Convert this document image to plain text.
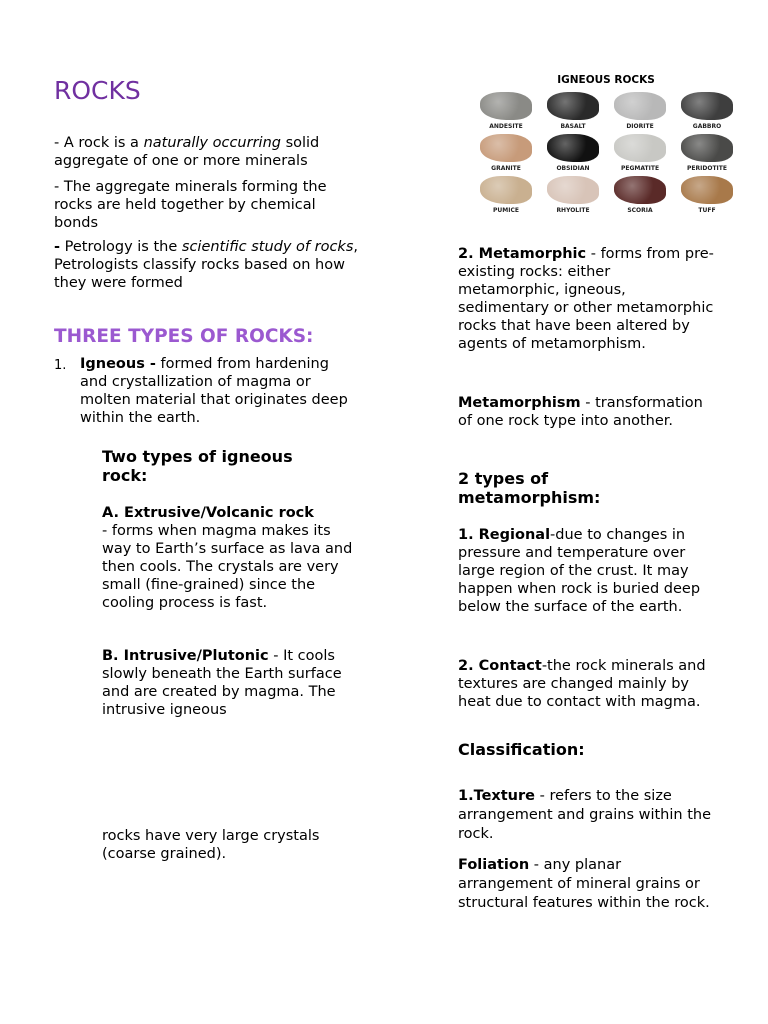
ROCKS

- A rock is a naturally occurring solid aggregate of one or more minerals

- The aggregate minerals forming the rocks are held together by chemical bonds

- Petrology is the scientific study of rocks, Petrologists classify rocks based on how they were formed

THREE TYPES OF ROCKS:
1. Igneous - formed from hardening and crystallization of magma or molten material that originates deep within the earth.

Two types of igneous rock:

A. Extrusive/Volcanic rock
- forms when magma makes its way to Earth’s surface as lava and then cools. The crystals are very small (fine-grained) since the cooling process is fast.

B. Intrusive/Plutonic - It cools slowly beneath the Earth surface and are created by magma. The intrusive igneous

rocks have very large crystals (coarse grained).

IGNEOUS ROCKS
ANDESITE	BASALT	DIORITE	GABBRO
GRANITE	OBSIDIAN	PEGMATITE	PERIDOTITE
PUMICE	RHYOLITE	SCORIA	TUFF

2. Metamorphic - forms from pre-existing rocks: either metamorphic, igneous, sedimentary or other metamorphic rocks that have been altered by agents of metamorphism.

Metamorphism - transformation of one rock type into another.

2 types of metamorphism:

1. Regional-due to changes in pressure and temperature over large region of the crust. It may happen when rock is buried deep below the surface of the earth.

2. Contact-the rock minerals and textures are changed mainly by heat due to contact with magma.

Classification:

1.Texture - refers to the size arrangement and grains within the rock.

Foliation - any planar arrangement of mineral grains or structural features within the rock.
